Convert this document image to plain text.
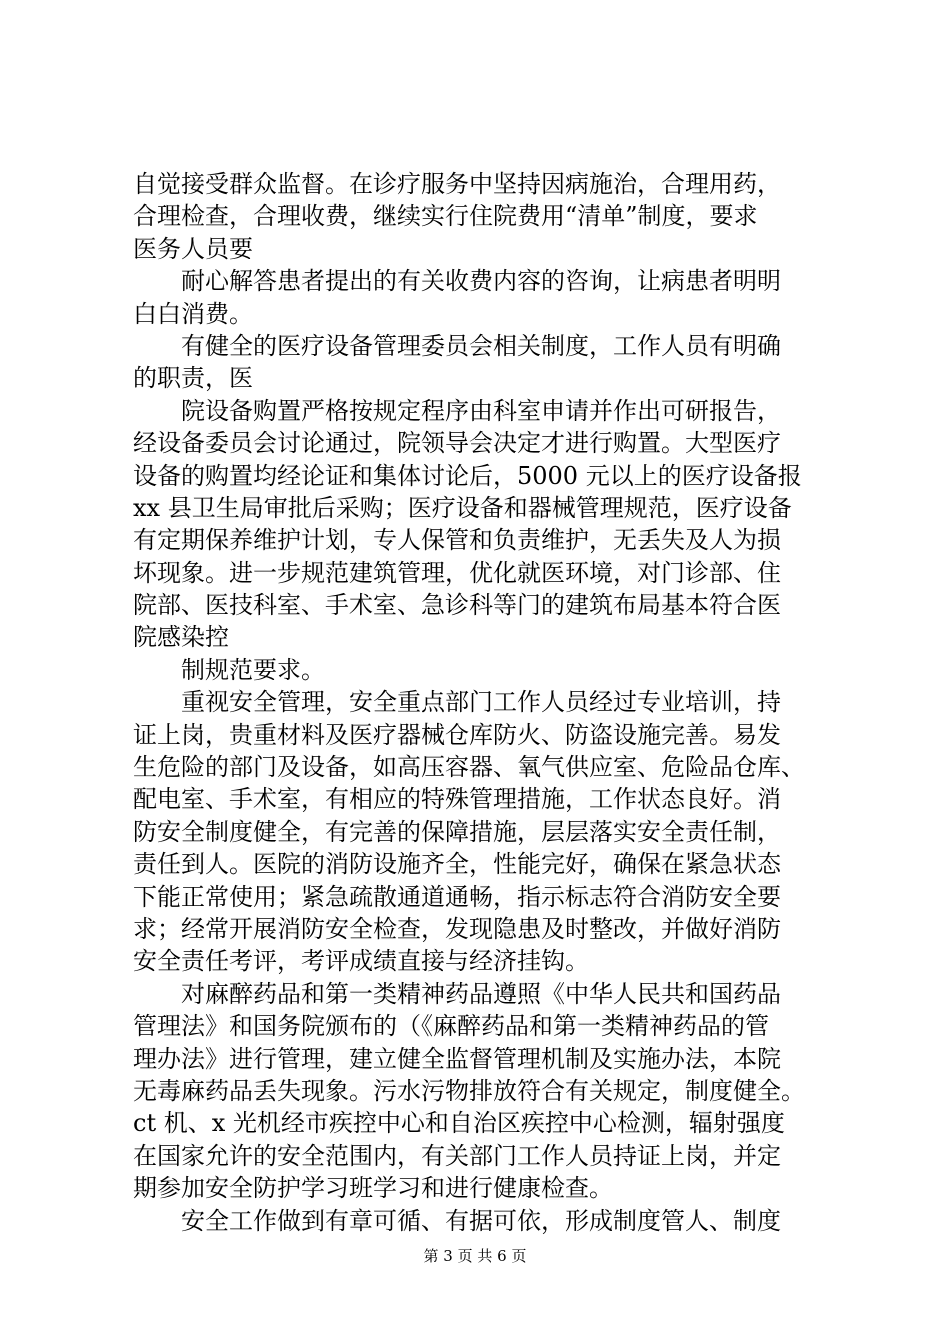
自觉接受群众监督。在诊疗服务中坚持因病施治，合理用药，
合理检查，合理收费，继续实行住院费用“清单”制度，要求
医务人员要
耐心解答患者提出的有关收费内容的咨询，让病患者明明
白白消费。
有健全的医疗设备管理委员会相关制度，工作人员有明确
的职责，医
院设备购置严格按规定程序由科室申请并作出可研报告，
经设备委员会讨论通过，院领导会决定才进行购置。大型医疗
设备的购置均经论证和集体讨论后，5000 元以上的医疗设备报
xx 县卫生局审批后采购；医疗设备和器械管理规范，医疗设备
有定期保养维护计划，专人保管和负责维护，无丢失及人为损
坏现象。进一步规范建筑管理，优化就医环境，对门诊部、住
院部、医技科室、手术室、急诊科等门的建筑布局基本符合医
院感染控
制规范要求。
重视安全管理，安全重点部门工作人员经过专业培训，持
证上岗，贵重材料及医疗器械仓库防火、防盗设施完善。易发
生危险的部门及设备，如高压容器、氧气供应室、危险品仓库、
配电室、手术室，有相应的特殊管理措施，工作状态良好。消
防安全制度健全，有完善的保障措施，层层落实安全责任制，
责任到人。医院的消防设施齐全，性能完好，确保在紧急状态
下能正常使用；紧急疏散通道通畅，指示标志符合消防安全要
求；经常开展消防安全检查，发现隐患及时整改，并做好消防
安全责任考评，考评成绩直接与经济挂钩。
对麻醉药品和第一类精神药品遵照《中华人民共和国药品
管理法》和国务院颁布的（《麻醉药品和第一类精神药品的管
理办法》进行管理，建立健全监督管理机制及实施办法，本院
无毒麻药品丢失现象。污水污物排放符合有关规定，制度健全。
ct 机、x 光机经市疾控中心和自治区疾控中心检测，辐射强度
在国家允许的安全范围内，有关部门工作人员持证上岗，并定
期参加安全防护学习班学习和进行健康检查。
安全工作做到有章可循、有据可依，形成制度管人、制度
第 3 页 共 6 页
